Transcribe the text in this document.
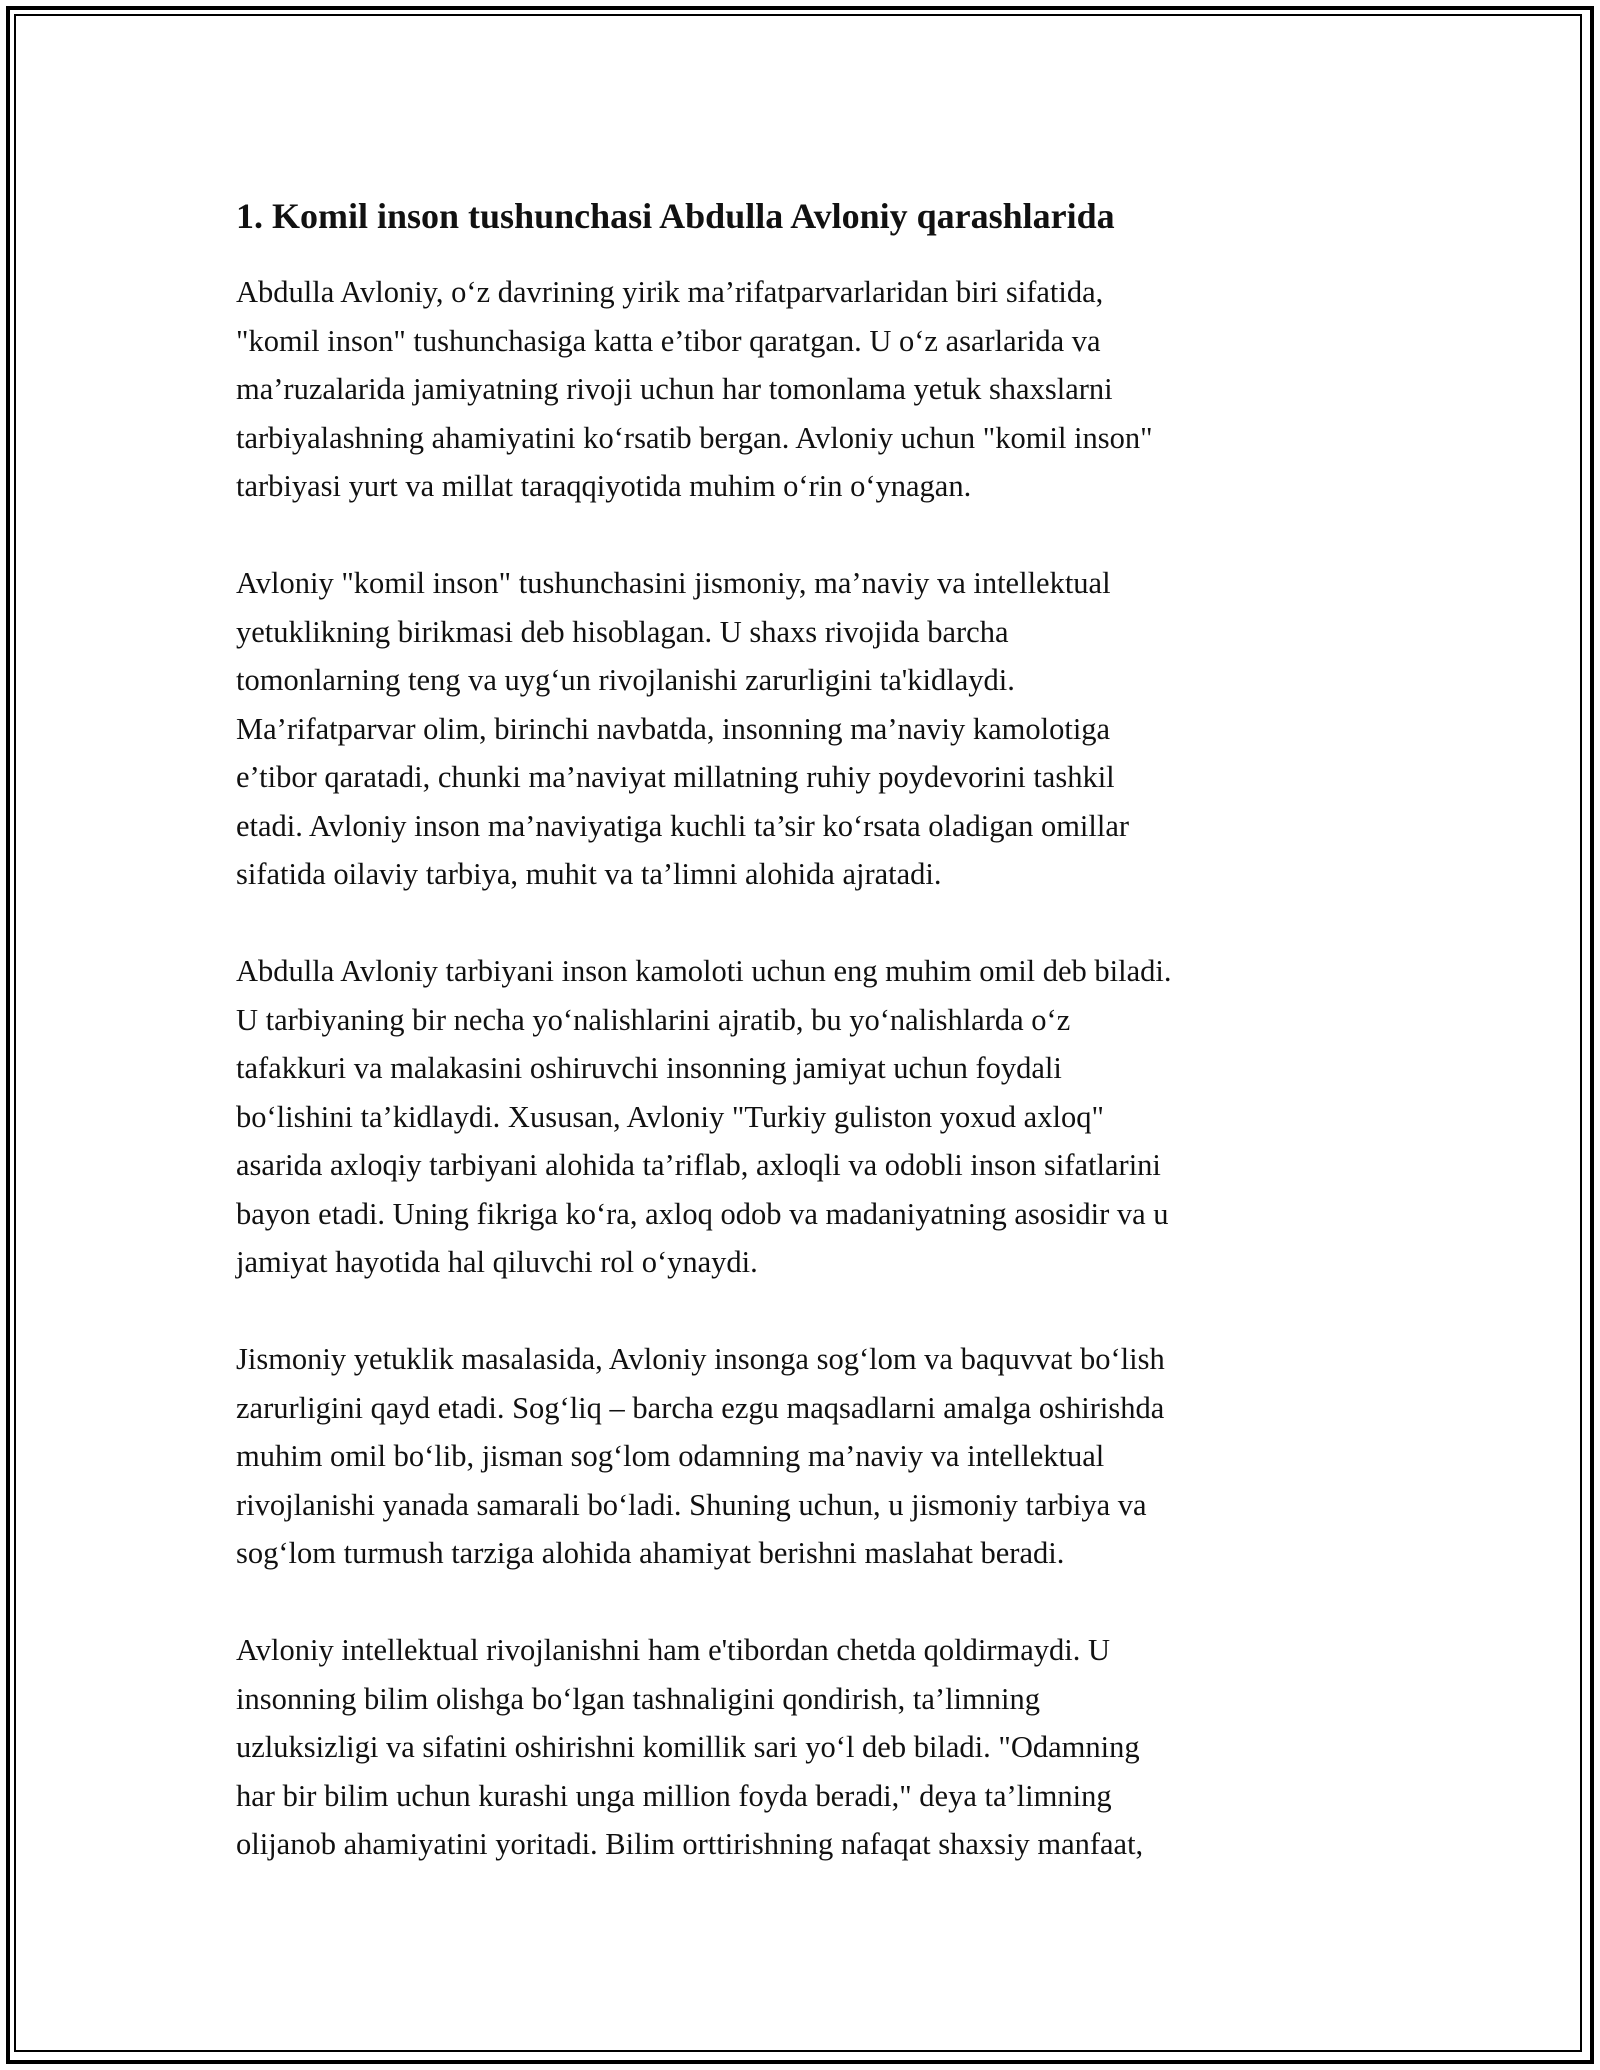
1. Komil inson tushunchasi Abdulla Avloniy qarashlarida
Abdulla Avloniy, o‘z davrining yirik ma’rifatparvarlaridan biri sifatida,
"komil inson" tushunchasiga katta e’tibor qaratgan. U o‘z asarlarida va
ma’ruzalarida jamiyatning rivoji uchun har tomonlama yetuk shaxslarni
tarbiyalashning ahamiyatini ko‘rsatib bergan. Avloniy uchun "komil inson"
tarbiyasi yurt va millat taraqqiyotida muhim o‘rin o‘ynagan.
Avloniy "komil inson" tushunchasini jismoniy, ma’naviy va intellektual
yetuklikning birikmasi deb hisoblagan. U shaxs rivojida barcha
tomonlarning teng va uyg‘un rivojlanishi zarurligini ta'kidlaydi.
Ma’rifatparvar olim, birinchi navbatda, insonning ma’naviy kamolotiga
e’tibor qaratadi, chunki ma’naviyat millatning ruhiy poydevorini tashkil
etadi. Avloniy inson ma’naviyatiga kuchli ta’sir ko‘rsata oladigan omillar
sifatida oilaviy tarbiya, muhit va ta’limni alohida ajratadi.
Abdulla Avloniy tarbiyani inson kamoloti uchun eng muhim omil deb biladi.
U tarbiyaning bir necha yo‘nalishlarini ajratib, bu yo‘nalishlarda o‘z
tafakkuri va malakasini oshiruvchi insonning jamiyat uchun foydali
bo‘lishini ta’kidlaydi. Xususan, Avloniy "Turkiy guliston yoxud axloq"
asarida axloqiy tarbiyani alohida ta’riflab, axloqli va odobli inson sifatlarini
bayon etadi. Uning fikriga ko‘ra, axloq odob va madaniyatning asosidir va u
jamiyat hayotida hal qiluvchi rol o‘ynaydi.
Jismoniy yetuklik masalasida, Avloniy insonga sog‘lom va baquvvat bo‘lish
zarurligini qayd etadi. Sog‘liq – barcha ezgu maqsadlarni amalga oshirishda
muhim omil bo‘lib, jisman sog‘lom odamning ma’naviy va intellektual
rivojlanishi yanada samarali bo‘ladi. Shuning uchun, u jismoniy tarbiya va
sog‘lom turmush tarziga alohida ahamiyat berishni maslahat beradi.
Avloniy intellektual rivojlanishni ham e'tibordan chetda qoldirmaydi. U
insonning bilim olishga bo‘lgan tashnaligini qondirish, ta’limning
uzluksizligi va sifatini oshirishni komillik sari yo‘l deb biladi. "Odamning
har bir bilim uchun kurashi unga million foyda beradi," deya ta’limning
olijanob ahamiyatini yoritadi. Bilim orttirishning nafaqat shaxsiy manfaat,
